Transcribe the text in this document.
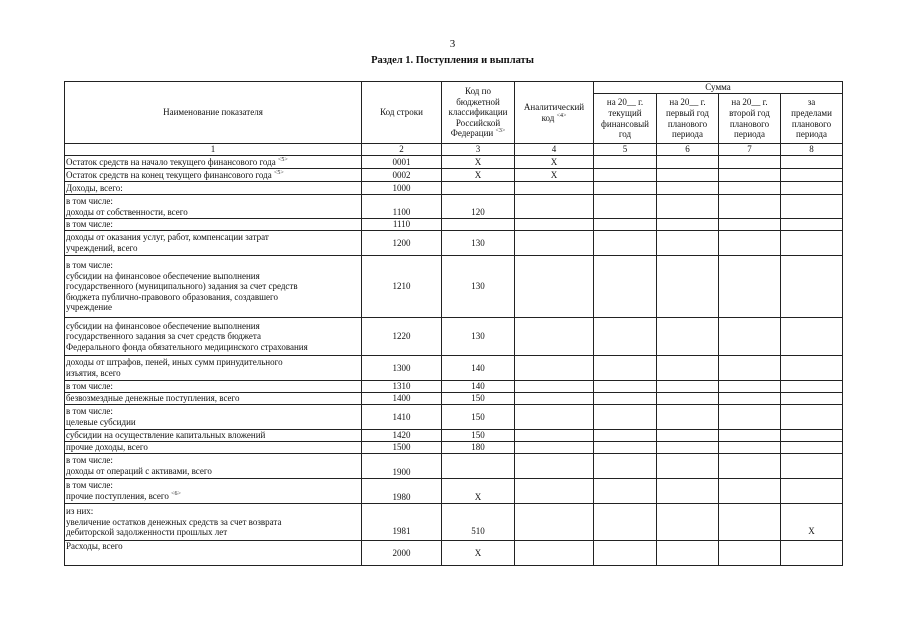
3
Раздел 1. Поступления и выплаты
Наименование показателя	Код строки	Код по
бюджетной
классификации
Российской
Федерации $^{<3>}$	Аналитический
код $^{<4>}$	Сумма			
				на 20__ г.
текущий
финансовый
год	на 20__ г.
первый год
планового
периода	на 20__ г.
второй год
планового
периода	за
пределами
планового
периода
1	2	3	4	5	6	7	8
Остаток средств на начало текущего финансового года $^{<5>}$	0001	X	X				
Остаток средств на конец текущего финансового года $^{<5>}$	0002	X	X				
Доходы, всего:	1000						
в том числе:
доходы от собственности, всего	1100	120					
в том числе:	1110						
доходы от оказания услуг, работ, компенсации затрат
учреждений, всего	1200	130					
в том числе:
субсидии на финансовое обеспечение выполнения
государственного (муниципального) задания за счет средств
бюджета публично-правового образования, создавшего
учреждение	1210	130					
субсидии на финансовое обеспечение выполнения
государственного задания за счет средств бюджета
Федерального фонда обязательного медицинского страхования	1220	130					
доходы от штрафов, пеней, иных сумм принудительного
изъятия, всего	1300	140					
в том числе:	1310	140					
безвозмездные денежные поступления, всего	1400	150					
в том числе:
целевые субсидии	1410	150					
субсидии на осуществление капитальных вложений	1420	150					
прочие доходы, всего	1500	180					
в том числе:
доходы от операций с активами, всего	1900						
в том числе:
прочие поступления, всего $^{<6>}$	1980	X					
из них:
увеличение остатков денежных средств за счет возврата
дебиторской задолженности прошлых лет	1981	510					X
Расходы, всего	2000	X					
